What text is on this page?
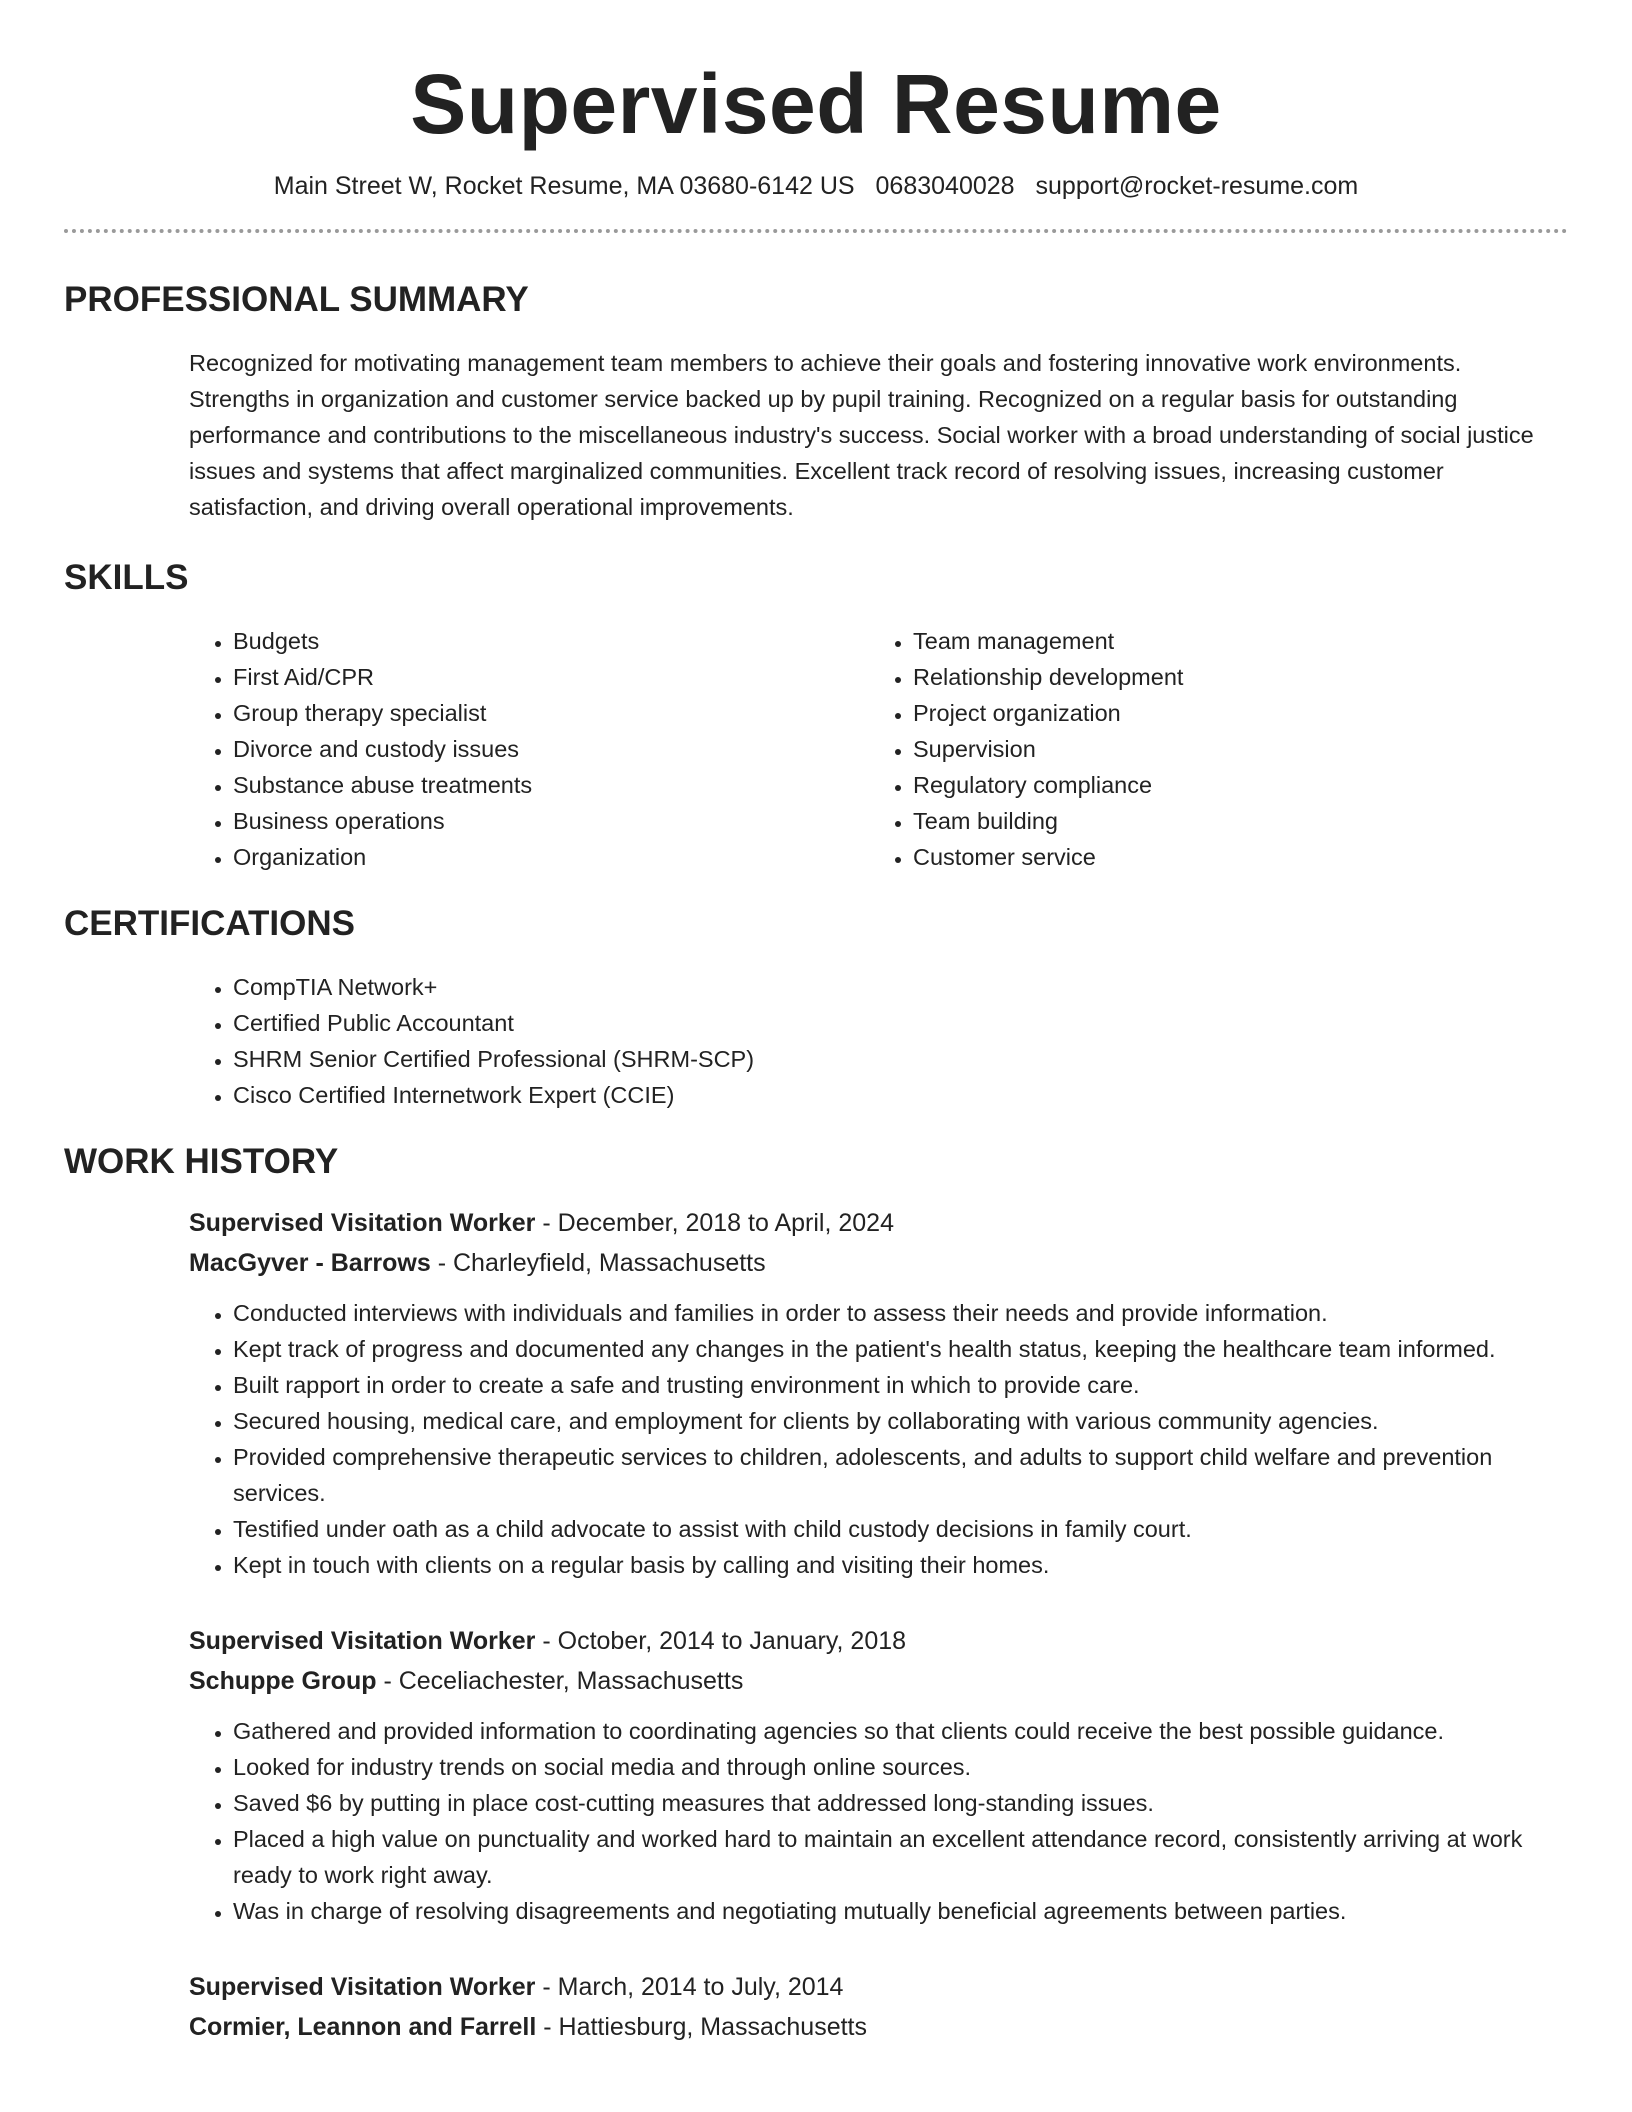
Supervised Resume
Main Street W, Rocket Resume, MA 03680-6142 US 0683040028 support@rocket-resume.com
PROFESSIONAL SUMMARY

Recognized for motivating management team members to achieve their goals and fostering innovative work environments. Strengths in organization and customer service backed up by pupil training. Recognized on a regular basis for outstanding performance and contributions to the miscellaneous industry's success. Social worker with a broad understanding of social justice issues and systems that affect marginalized communities. Excellent track record of resolving issues, increasing customer satisfaction, and driving overall operational improvements.

SKILLS
• Budgets
• First Aid/CPR
• Group therapy specialist
• Divorce and custody issues
• Substance abuse treatments
• Business operations
• Organization
• Team management
• Relationship development
• Project organization
• Supervision
• Regulatory compliance
• Team building
• Customer service
CERTIFICATIONS
• CompTIA Network+
• Certified Public Accountant
• SHRM Senior Certified Professional (SHRM-SCP)
• Cisco Certified Internetwork Expert (CCIE)
WORK HISTORY
Supervised Visitation Worker - December, 2018 to April, 2024
MacGyver - Barrows - Charleyfield, Massachusetts
• Conducted interviews with individuals and families in order to assess their needs and provide information.
• Kept track of progress and documented any changes in the patient's health status, keeping the healthcare team informed.
• Built rapport in order to create a safe and trusting environment in which to provide care.
• Secured housing, medical care, and employment for clients by collaborating with various community agencies.
• Provided comprehensive therapeutic services to children, adolescents, and adults to support child welfare and prevention services.
• Testified under oath as a child advocate to assist with child custody decisions in family court.
• Kept in touch with clients on a regular basis by calling and visiting their homes.
Supervised Visitation Worker - October, 2014 to January, 2018
Schuppe Group - Ceceliachester, Massachusetts
• Gathered and provided information to coordinating agencies so that clients could receive the best possible guidance.
• Looked for industry trends on social media and through online sources.
• Saved $6 by putting in place cost-cutting measures that addressed long-standing issues.
• Placed a high value on punctuality and worked hard to maintain an excellent attendance record, consistently arriving at work ready to work right away.
• Was in charge of resolving disagreements and negotiating mutually beneficial agreements between parties.
Supervised Visitation Worker - March, 2014 to July, 2014
Cormier, Leannon and Farrell - Hattiesburg, Massachusetts
